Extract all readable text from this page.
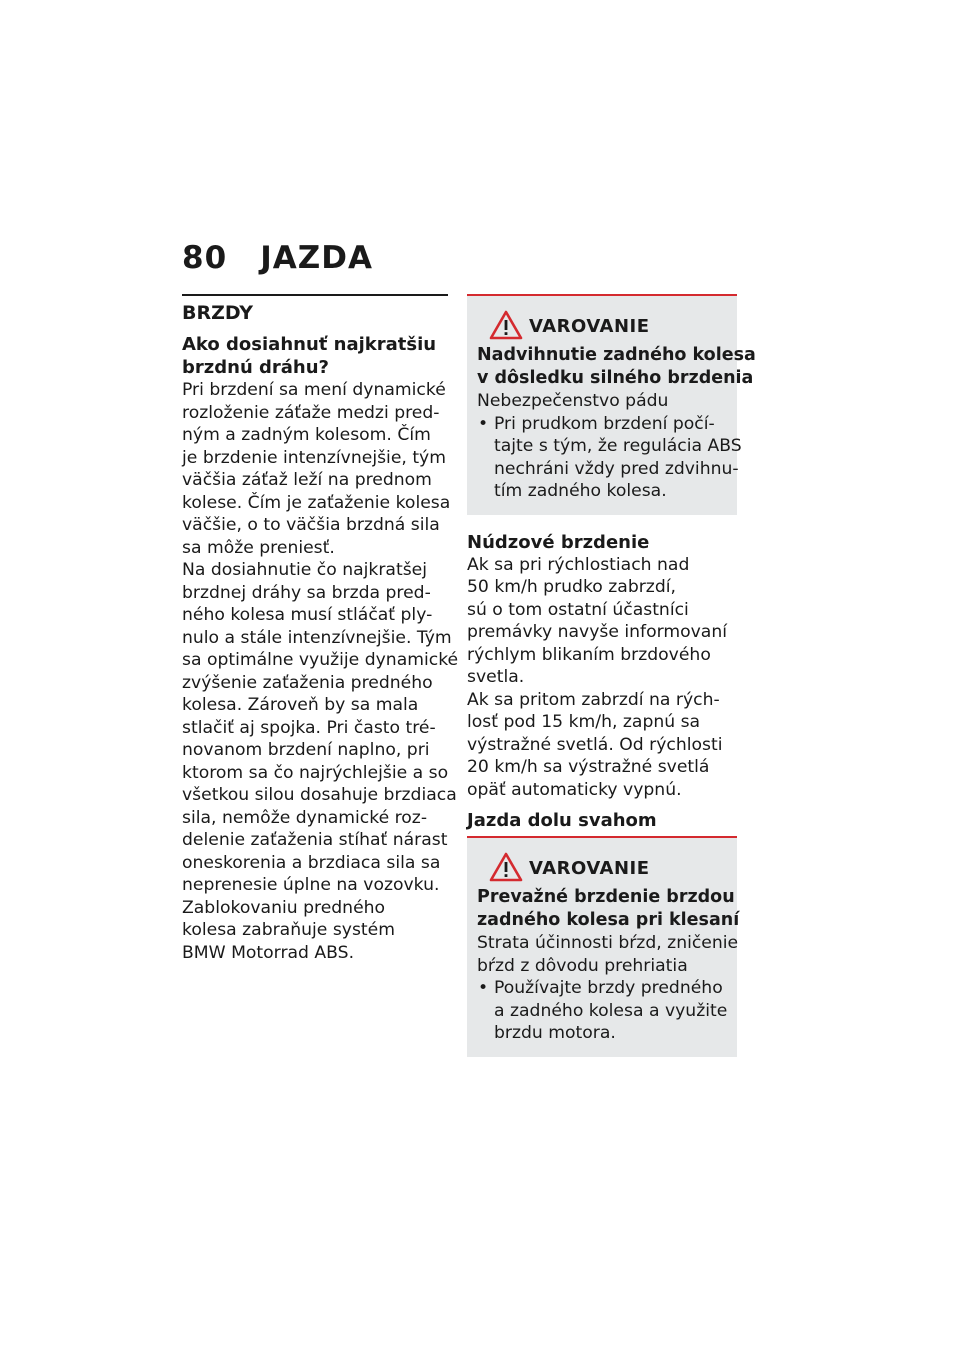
80 JAZDA
BRZDY
Ako dosiahnuť najkratšiu
brzdnú dráhu?
Pri brzdení sa mení dynamické
rozloženie záťaže medzi pred-
ným a zadným kolesom. Čím
je brzdenie intenzívnejšie, tým
väčšia záťaž leží na prednom
kolese. Čím je zaťaženie kolesa
väčšie, o to väčšia brzdná sila
sa môže preniesť.
Na dosiahnutie čo najkratšej
brzdnej dráhy sa brzda pred-
ného kolesa musí stláčať ply-
nulo a stále intenzívnejšie. Tým
sa optimálne využije dynamické
zvýšenie zaťaženia predného
kolesa. Zároveň by sa mala
stlačiť aj spojka. Pri často tré-
novanom brzdení naplno, pri
ktorom sa čo najrýchlejšie a so
všetkou silou dosahuje brzdiaca
sila, nemôže dynamické roz-
delenie zaťaženia stíhať nárast
oneskorenia a brzdiaca sila sa
neprenesie úplne na vozovku.
Zablokovaniu predného
kolesa zabraňuje systém
BMW Motorrad ABS.
VAROVANIE
Nadvihnutie zadného kolesa
v dôsledku silného brzdenia
Nebezpečenstvo pádu
• Pri prudkom brzdení počí-
tajte s tým, že regulácia ABS
nechráni vždy pred zdvihnu-
tím zadného kolesa.
Núdzové brzdenie
Ak sa pri rýchlostiach nad
50 km/h prudko zabrzdí,
sú o tom ostatní účastníci
premávky navyše informovaní
rýchlym blikaním brzdového
svetla.
Ak sa pritom zabrzdí na rých-
losť pod 15 km/h, zapnú sa
výstražné svetlá. Od rýchlosti
20 km/h sa výstražné svetlá
opäť automaticky vypnú.
Jazda dolu svahom
VAROVANIE
Prevažné brzdenie brzdou
zadného kolesa pri klesaní
Strata účinnosti bŕzd, zničenie
bŕzd z dôvodu prehriatia
• Používajte brzdy predného
a zadného kolesa a využite
brzdu motora.
